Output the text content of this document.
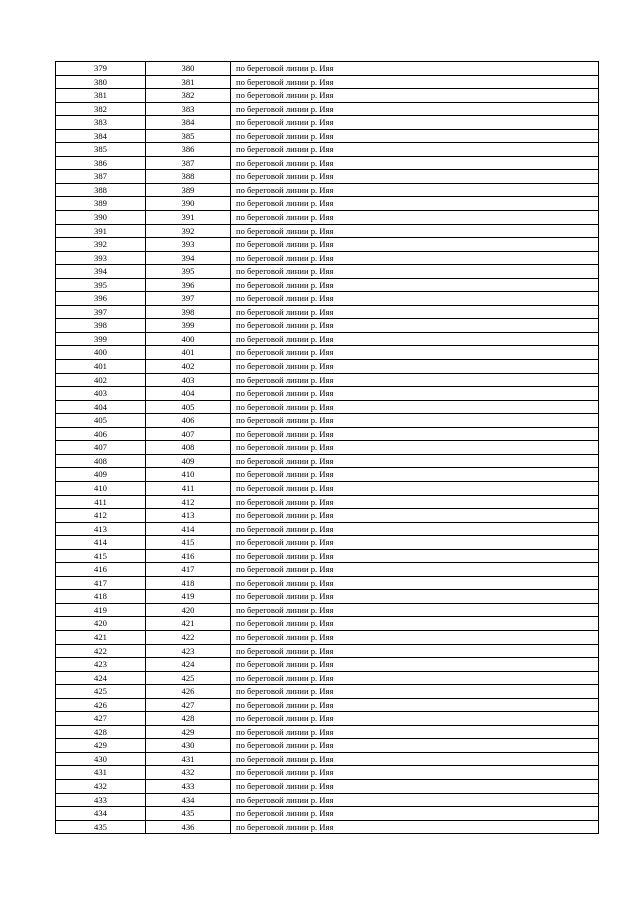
379	380	по береговой линии р. Ияя
380	381	по береговой линии р. Ияя
381	382	по береговой линии р. Ияя
382	383	по береговой линии р. Ияя
383	384	по береговой линии р. Ияя
384	385	по береговой линии р. Ияя
385	386	по береговой линии р. Ияя
386	387	по береговой линии р. Ияя
387	388	по береговой линии р. Ияя
388	389	по береговой линии р. Ияя
389	390	по береговой линии р. Ияя
390	391	по береговой линии р. Ияя
391	392	по береговой линии р. Ияя
392	393	по береговой линии р. Ияя
393	394	по береговой линии р. Ияя
394	395	по береговой линии р. Ияя
395	396	по береговой линии р. Ияя
396	397	по береговой линии р. Ияя
397	398	по береговой линии р. Ияя
398	399	по береговой линии р. Ияя
399	400	по береговой линии р. Ияя
400	401	по береговой линии р. Ияя
401	402	по береговой линии р. Ияя
402	403	по береговой линии р. Ияя
403	404	по береговой линии р. Ияя
404	405	по береговой линии р. Ияя
405	406	по береговой линии р. Ияя
406	407	по береговой линии р. Ияя
407	408	по береговой линии р. Ияя
408	409	по береговой линии р. Ияя
409	410	по береговой линии р. Ияя
410	411	по береговой линии р. Ияя
411	412	по береговой линии р. Ияя
412	413	по береговой линии р. Ияя
413	414	по береговой линии р. Ияя
414	415	по береговой линии р. Ияя
415	416	по береговой линии р. Ияя
416	417	по береговой линии р. Ияя
417	418	по береговой линии р. Ияя
418	419	по береговой линии р. Ияя
419	420	по береговой линии р. Ияя
420	421	по береговой линии р. Ияя
421	422	по береговой линии р. Ияя
422	423	по береговой линии р. Ияя
423	424	по береговой линии р. Ияя
424	425	по береговой линии р. Ияя
425	426	по береговой линии р. Ияя
426	427	по береговой линии р. Ияя
427	428	по береговой линии р. Ияя
428	429	по береговой линии р. Ияя
429	430	по береговой линии р. Ияя
430	431	по береговой линии р. Ияя
431	432	по береговой линии р. Ияя
432	433	по береговой линии р. Ияя
433	434	по береговой линии р. Ияя
434	435	по береговой линии р. Ияя
435	436	по береговой линии р. Ияя
